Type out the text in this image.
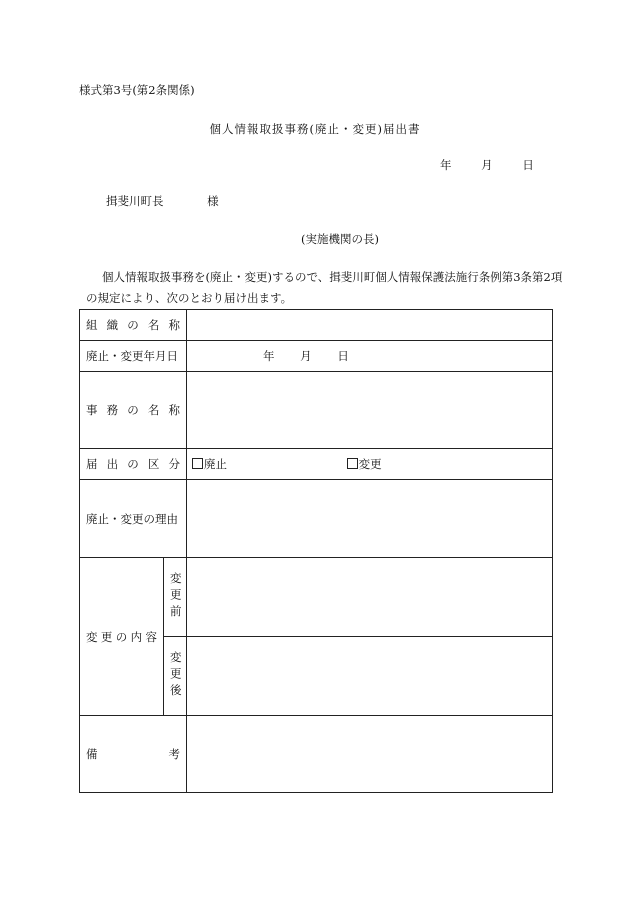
様式第3号(第2条関係)
個人情報取扱事務(廃止・変更)届出書
年	月	日
揖斐川町長	様
(実施機関の長)
個人情報取扱事務を(廃止・変更)するので、揖斐川町個人情報保護法施行条例第3条第2項の規定により、次のとおり届け出ます。
組 織 の 名 称		

廃止・変更年月日		年 月 日

事 務 の 名 称		

届 出 の 区 分		廃止 変更
廃止・変更の理由		

変 更 の 内 容	変更前	

	変更後	

備 考		
